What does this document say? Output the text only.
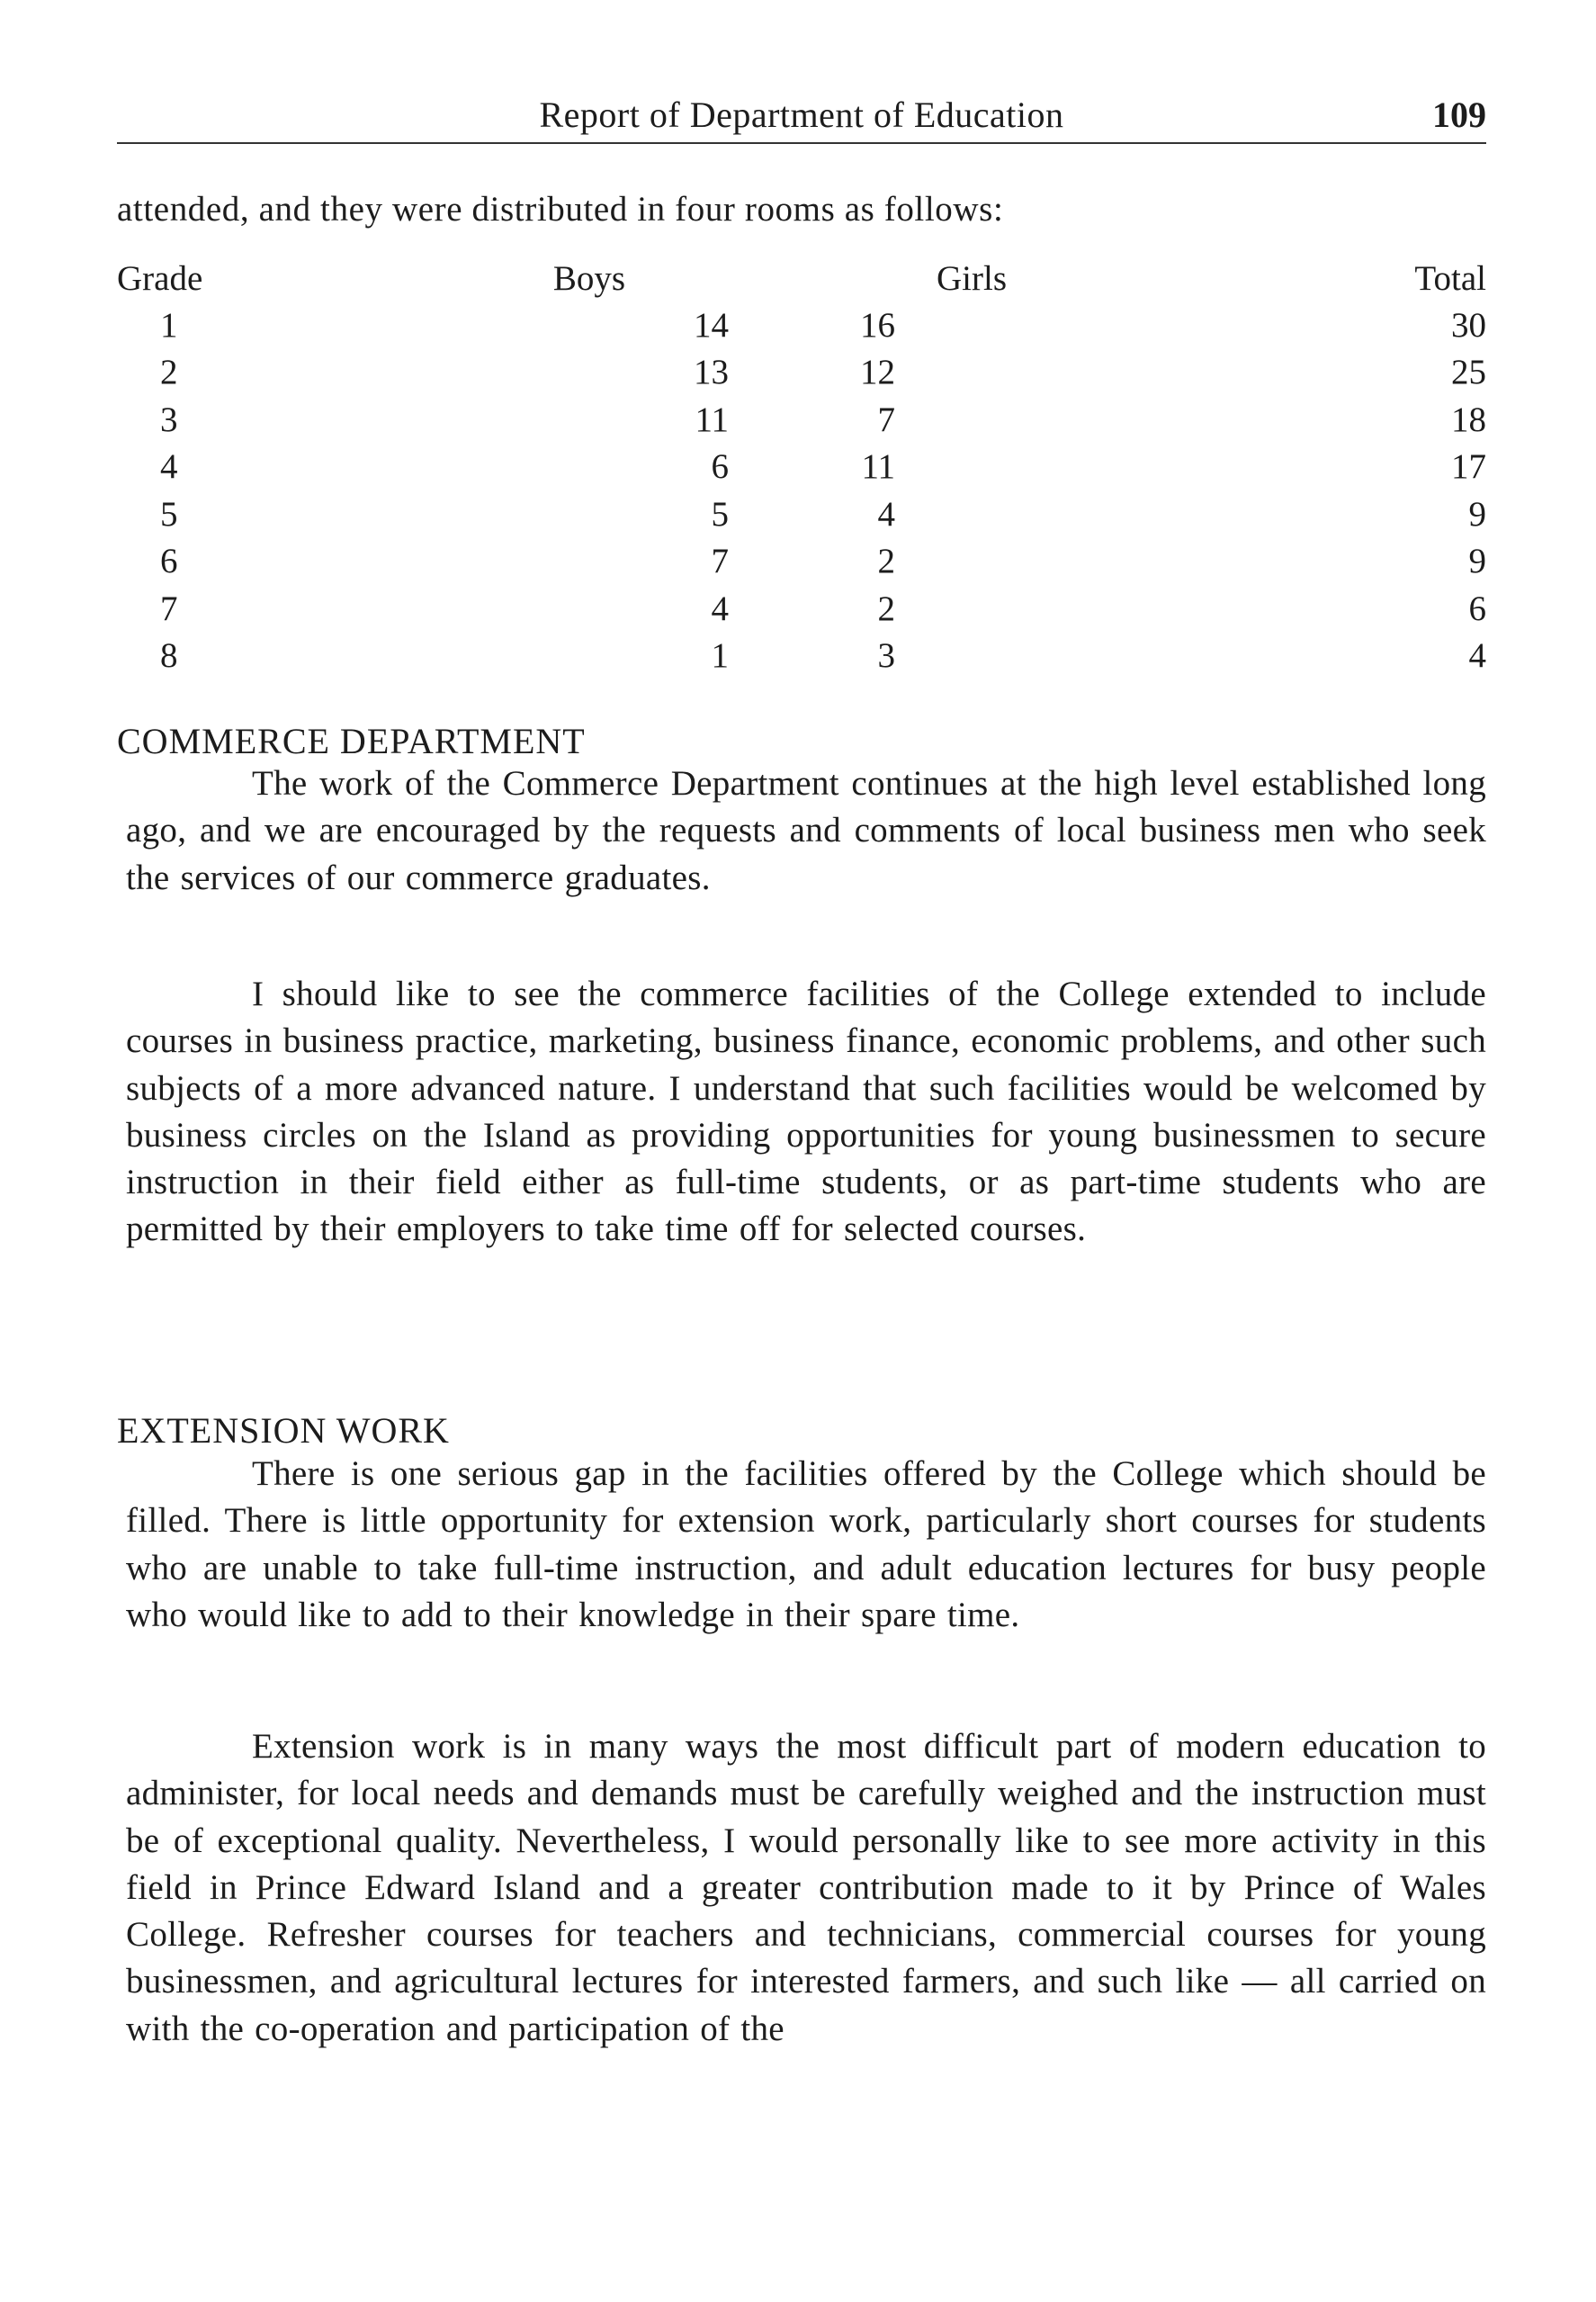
Report of Department of Education	109
attended, and they were distributed in four rooms as follows:
Grade	Boys	Girls	Total
1	14	16	30
2	13	12	25
3	11	7	18
4	6	11	17
5	5	4	9
6	7	2	9
7	4	2	6
8	1	3	4
COMMERCE DEPARTMENT

The work of the Commerce Department continues at the high level established long ago, and we are encouraged by the requests and comments of local business men who seek the services of our commerce graduates.

I should like to see the commerce facilities of the College extended to include courses in business practice, marketing, business finance, economic problems, and other such subjects of a more advanced nature. I understand that such facilities would be welcomed by business circles on the Island as providing opportunities for young businessmen to secure instruction in their field either as full-time students, or as part-time students who are permitted by their employers to take time off for selected courses.

EXTENSION WORK

There is one serious gap in the facilities offered by the College which should be filled. There is little opportunity for extension work, particularly short courses for students who are unable to take full-time instruction, and adult education lectures for busy people who would like to add to their knowledge in their spare time.

Extension work is in many ways the most difficult part of modern education to administer, for local needs and demands must be carefully weighed and the instruction must be of exceptional quality. Nevertheless, I would personally like to see more activity in this field in Prince Edward Island and a greater contribution made to it by Prince of Wales College. Refresher courses for teachers and technicians, commercial courses for young businessmen, and agricultural lectures for interested farmers, and such like — all carried on with the co-operation and participation of the
